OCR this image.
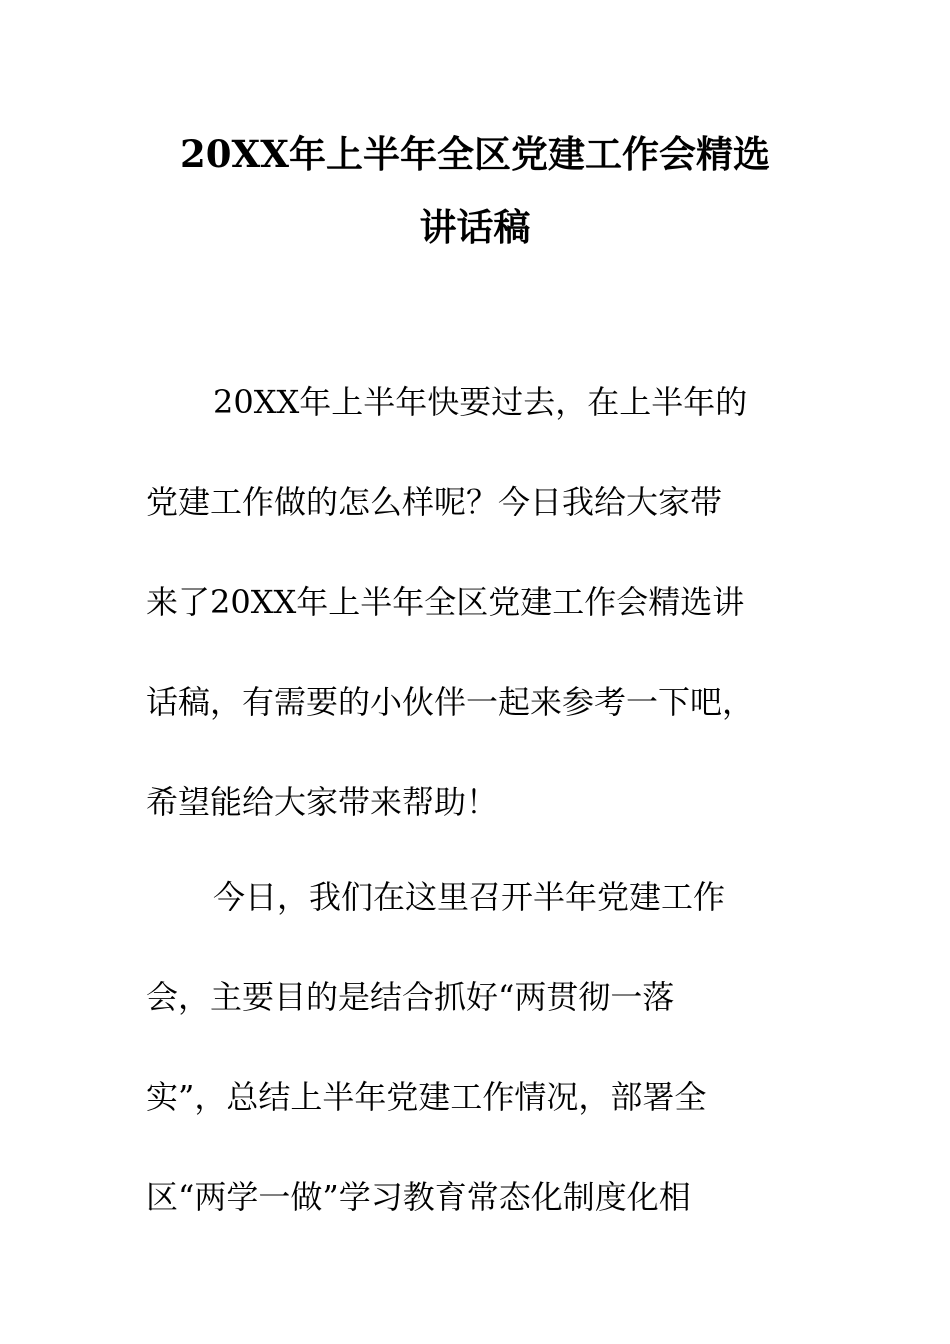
20XX年上半年全区党建工作会精选
讲话稿
20XX年上半年快要过去，在上半年的
党建工作做的怎么样呢？今日我给大家带
来了20XX年上半年全区党建工作会精选讲
话稿，有需要的小伙伴一起来参考一下吧，
希望能给大家带来帮助！
今日，我们在这里召开半年党建工作
会，主要目的是结合抓好“两贯彻一落
实”，总结上半年党建工作情况，部署全
区“两学一做”学习教育常态化制度化相
